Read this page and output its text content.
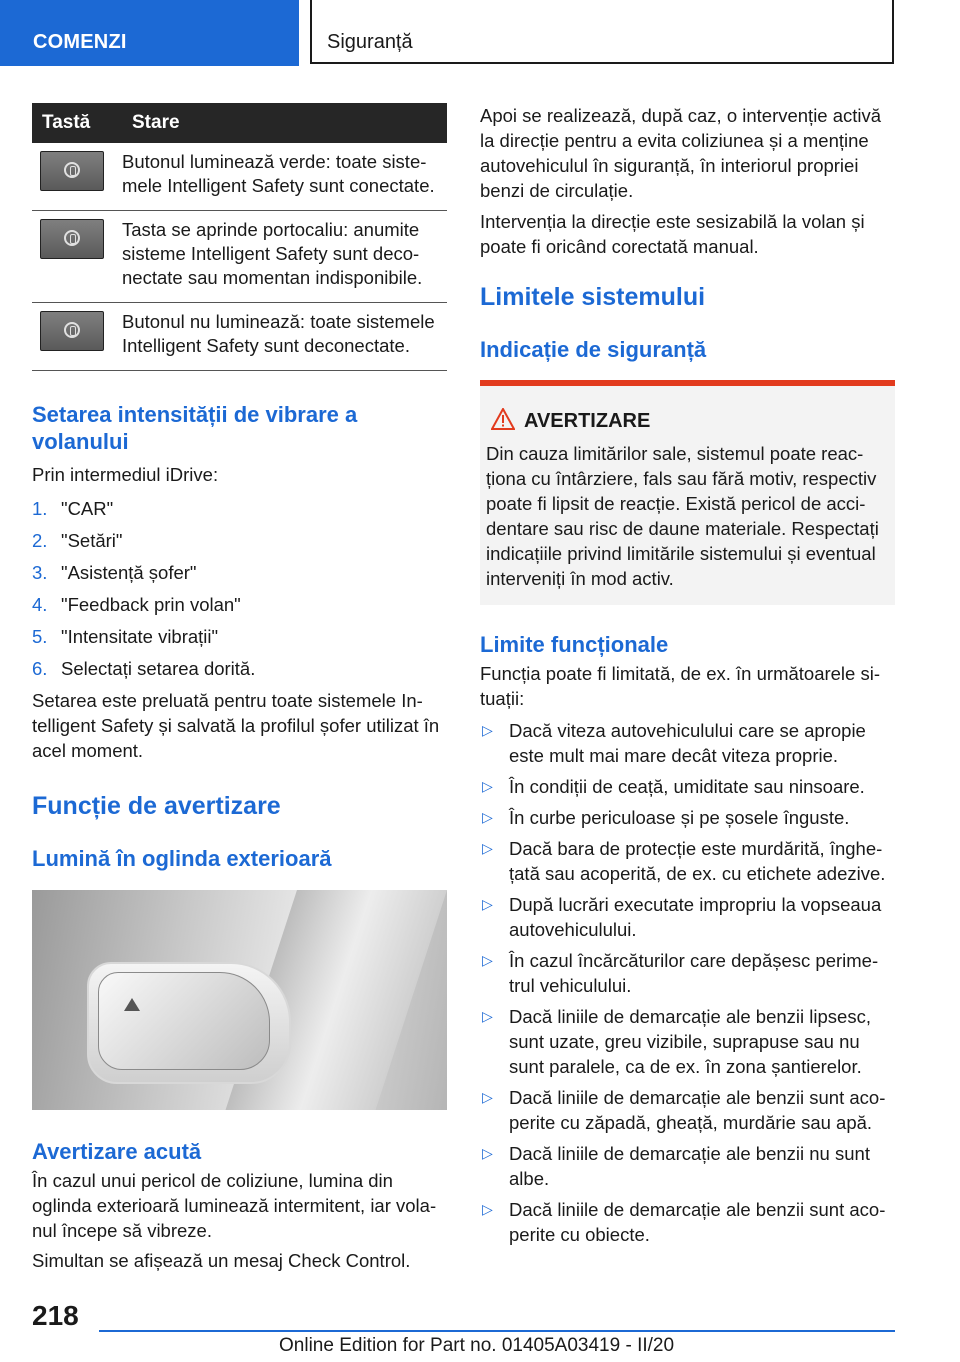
COMENZI	Siguranță
Tastă	Stare

	Butonul luminează verde: toate siste-mele Intelligent Safety sunt conectate.

	Tasta se aprinde portocaliu: anumite sisteme Intelligent Safety sunt deco-nectate sau momentan indisponibile.

	Butonul nu luminează: toate sistemele Intelligent Safety sunt deconectate.
Setarea intensității de vibrare a volanului

Prin intermediul iDrive:

1. "CAR"
2. "Setări"
3. "Asistență șofer"
4. "Feedback prin volan"
5. "Intensitate vibrații"
6. Selectați setarea dorită.

Setarea este preluată pentru toate sistemele In-telligent Safety și salvată la profilul șofer utilizat în acel moment.

Funcție de avertizare
Lumină în oglinda exterioară
Avertizare acută

În cazul unui pericol de coliziune, lumina din oglinda exterioară luminează intermitent, iar vola-nul începe să vibreze.

Simultan se afișează un mesaj Check Control.

Apoi se realizează, după caz, o intervenție activă la direcție pentru a evita coliziunea și a menține autovehiculul în siguranță, în interiorul propriei benzi de circulație.

Intervenția la direcție este sesizabilă la volan și poate fi oricând corectată manual.

Limitele sistemului
Indicație de siguranță
AVERTIZARE

Din cauza limitărilor sale, sistemul poate reac-ționa cu întârziere, fals sau fără motiv, respectiv poate fi lipsit de reacție. Există pericol de acci-dentare sau risc de daune materiale. Respectați indicațiile privind limitările sistemului și eventual interveniți în mod activ.

Limite funcționale

Funcția poate fi limitată, de ex. în următoarele si-tuații:

▷ Dacă viteza autovehiculului care se apropie este mult mai mare decât viteza proprie.
▷ În condiții de ceață, umiditate sau ninsoare.
▷ În curbe periculoase și pe șosele înguste.
▷ Dacă bara de protecție este murdărită, înghe-țată sau acoperită, de ex. cu etichete adezive.
▷ După lucrări executate impropriu la vopseaua autovehiculului.
▷ În cazul încărcăturilor care depășesc perime-trul vehiculului.
▷ Dacă liniile de demarcație ale benzii lipsesc, sunt uzate, greu vizibile, suprapuse sau nu sunt paralele, ca de ex. în zona șantierelor.
▷ Dacă liniile de demarcație ale benzii sunt aco-perite cu zăpadă, gheață, murdărie sau apă.
▷ Dacă liniile de demarcație ale benzii nu sunt albe.
▷ Dacă liniile de demarcație ale benzii sunt aco-perite cu obiecte.
218
Online Edition for Part no. 01405A03419 - II/20
